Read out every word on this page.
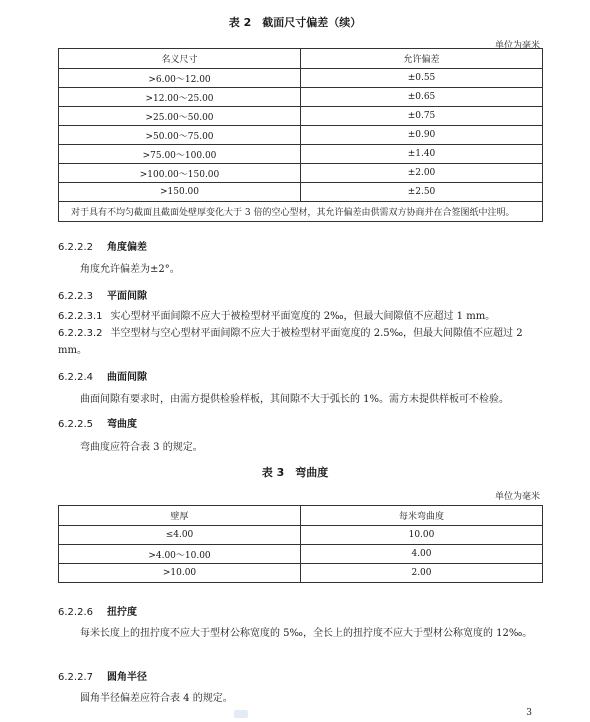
表 2　截面尺寸偏差（续）
单位为毫米
名义尺寸	允许偏差
>6.00～12.00	±0.55
>12.00～25.00	±0.65
>25.00～50.00	±0.75
>50.00～75.00	±0.90
>75.00～100.00	±1.40
>100.00～150.00	±2.00
>150.00	±2.50
对于具有不均匀截面且截面处壁厚变化大于 3 倍的空心型材，其允许偏差由供需双方协商并在合签图纸中注明。	
6.2.2.2 角度偏差
角度允许偏差为±2°。
6.2.2.3 平面间隙
6.2.2.3.1 实心型材平面间隙不应大于被检型材平面宽度的 2‰，但最大间隙值不应超过 1 mm。
6.2.2.3.2 半空型材与空心型材平面间隙不应大于被检型材平面宽度的 2.5‰，但最大间隙值不应超过 2 mm。
6.2.2.4 曲面间隙
曲面间隙有要求时，由需方提供检验样板，其间隙不大于弧长的 1%。需方未提供样板可不检验。
6.2.2.5 弯曲度
弯曲度应符合表 3 的规定。
表 3　弯曲度
单位为毫米
壁厚	每米弯曲度
≤4.00	10.00
>4.00～10.00	4.00
>10.00	2.00
6.2.2.6 扭拧度
每米长度上的扭拧度不应大于型材公称宽度的 5‰，全长上的扭拧度不应大于型材公称宽度的 12‰。
6.2.2.7 圆角半径
圆角半径偏差应符合表 4 的规定。
3
